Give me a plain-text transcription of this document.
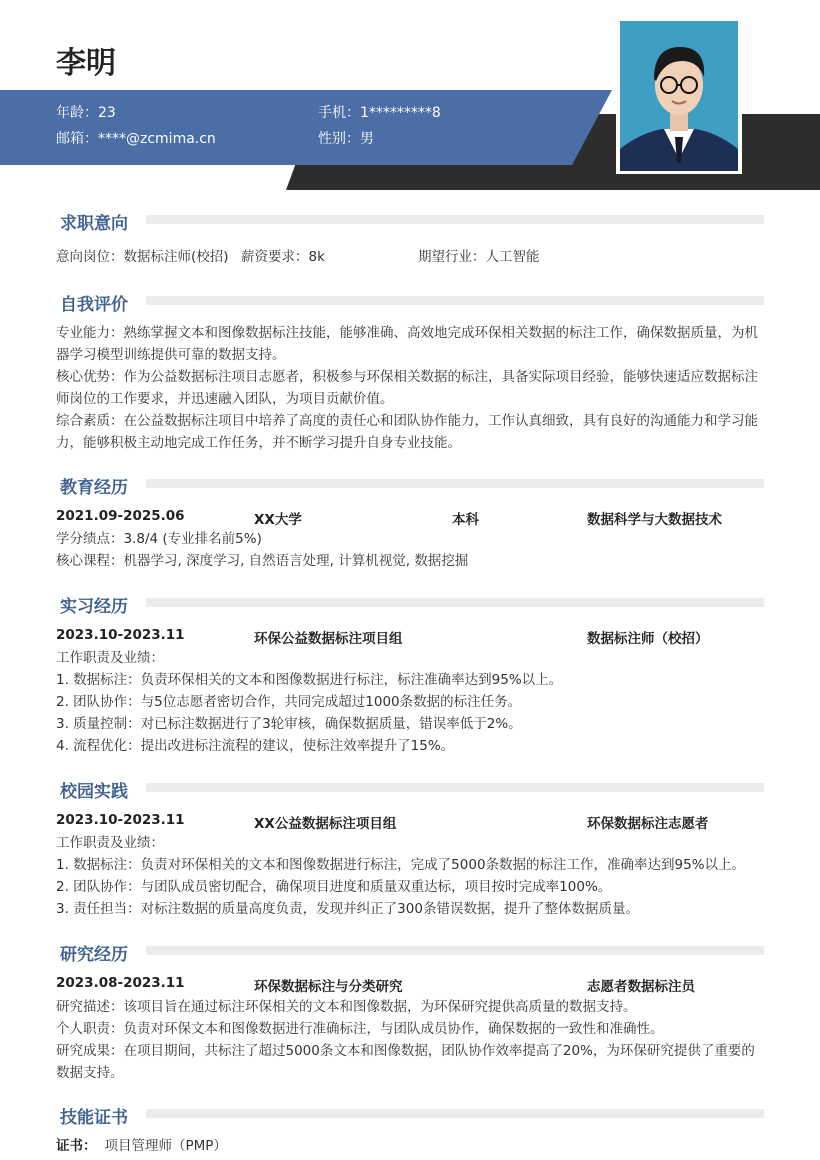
李明
年龄：23	手机：1*********8
邮箱：****@zcmima.cn	性别：男
求职意向
意向岗位：数据标注师(校招) 薪资要求：8k	期望行业：人工智能
自我评价
专业能力：熟练掌握文本和图像数据标注技能，能够准确、高效地完成环保相关数据的标注工作，确保数据质量，为机器学习模型训练提供可靠的数据支持。
核心优势：作为公益数据标注项目志愿者，积极参与环保相关数据的标注，具备实际项目经验，能够快速适应数据标注师岗位的工作要求，并迅速融入团队，为项目贡献价值。
综合素质：在公益数据标注项目中培养了高度的责任心和团队协作能力，工作认真细致，具有良好的沟通能力和学习能力，能够积极主动地完成工作任务，并不断学习提升自身专业技能。
教育经历
2021.09-2025.06	XX大学	本科	数据科学与大数据技术
学分绩点：3.8/4 (专业排名前5%)
核心课程：机器学习, 深度学习, 自然语言处理, 计算机视觉, 数据挖掘
实习经历
2023.10-2023.11	环保公益数据标注项目组	数据标注师（校招）
工作职责及业绩：
1. 数据标注：负责环保相关的文本和图像数据进行标注，标注准确率达到95%以上。
2. 团队协作：与5位志愿者密切合作，共同完成超过1000条数据的标注任务。
3. 质量控制：对已标注数据进行了3轮审核，确保数据质量，错误率低于2%。
4. 流程优化：提出改进标注流程的建议，使标注效率提升了15%。
校园实践
2023.10-2023.11	XX公益数据标注项目组	环保数据标注志愿者
工作职责及业绩：
1. 数据标注：负责对环保相关的文本和图像数据进行标注，完成了5000条数据的标注工作，准确率达到95%以上。
2. 团队协作：与团队成员密切配合，确保项目进度和质量双重达标，项目按时完成率100%。
3. 责任担当：对标注数据的质量高度负责，发现并纠正了300条错误数据，提升了整体数据质量。
研究经历
2023.08-2023.11	环保数据标注与分类研究	志愿者数据标注员
研究描述：该项目旨在通过标注环保相关的文本和图像数据，为环保研究提供高质量的数据支持。
个人职责：负责对环保文本和图像数据进行准确标注，与团队成员协作，确保数据的一致性和准确性。
研究成果：在项目期间，共标注了超过5000条文本和图像数据，团队协作效率提高了20%，为环保研究提供了重要的数据支持。
技能证书
证书： 项目管理师（PMP）
